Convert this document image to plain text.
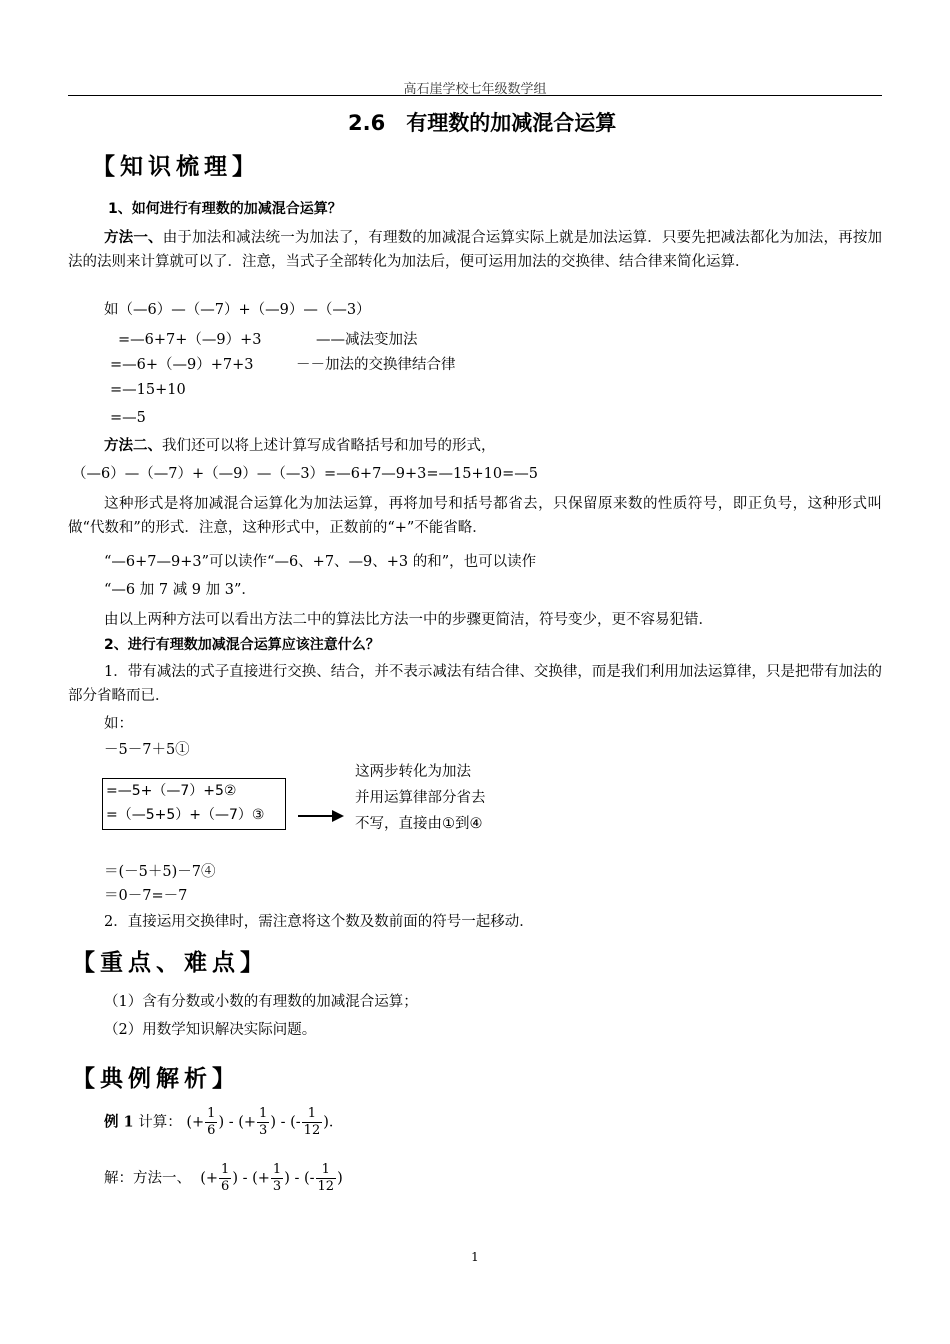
高石崖学校七年级数学组
2.6　有理数的加减混合运算
【知识梳理】
1、如何进行有理数的加减混合运算？
方法一、由于加法和减法统一为加法了，有理数的加减混合运算实际上就是加法运算．只要先把减法都化为加法，再按加法的法则来计算就可以了．注意，当式子全部转化为加法后，便可运用加法的交换律、结合律来简化运算．
如（—6）—（—7）+（—9）—（—3）
=—6+7+（—9）+3	——减法变加法
=—6+（—9）+7+3	－－加法的交换律结合律
=—15+10
=—5
方法二、我们还可以将上述计算写成省略括号和加号的形式，
（—6）—（—7）+（—9）—（—3）=—6+7—9+3=—15+10=—5
这种形式是将加减混合运算化为加法运算，再将加号和括号都省去，只保留原来数的性质符号，即正负号，这种形式叫做“代数和”的形式．注意，这种形式中，正数前的“+”不能省略．
“—6+7—9+3”可以读作“—6、+7、—9、+3 的和”，也可以读作
“—6 加 7 减 9 加 3”．
由以上两种方法可以看出方法二中的算法比方法一中的步骤更简洁，符号变少，更不容易犯错．
2、进行有理数加减混合运算应该注意什么？
1．带有减法的式子直接进行交换、结合，并不表示减法有结合律、交换律，而是我们利用加法运算律，只是把带有加法的部分省略而已．
如：
－5－7＋5①
=—5+（—7）+5②
=（—5+5）+（—7）③
这两步转化为加法
并用运算律部分省去
不写，直接由①到④
＝(－5＋5)－7④
＝0－7=－7
2．直接运用交换律时，需注意将这个数及数前面的符号一起移动．
【重点、难点】
（1）含有分数或小数的有理数的加减混合运算；
（2）用数学知识解决实际问题。
【典例解析】
例 1 计算： (+ $\frac{1}{6}$ ) - (+ $\frac{1}{3}$ ) - (- $\frac{1}{12}$ )．
解：方法一、 (+ $\frac{1}{6}$ ) - (+ $\frac{1}{3}$ ) - (- $\frac{1}{12}$ )
1
